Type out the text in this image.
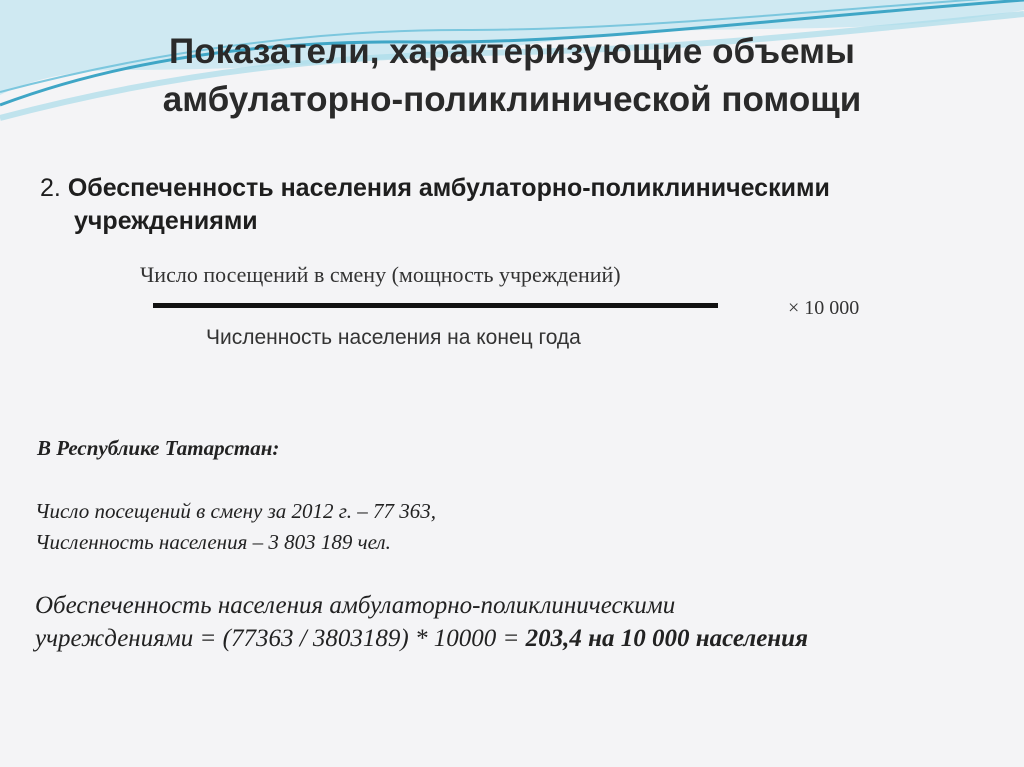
Показатели, характеризующие объемы
амбулаторно-поликлинической помощи
2. Обеспеченность населения амбулаторно-поликлиническими
учреждениями
Число посещений в смену (мощность учреждений)
Численность населения на конец года
× 10 000
В Республике Татарстан:
Число посещений в смену за 2012 г. – 77 363,
Численность населения – 3 803 189 чел.
Обеспеченность населения амбулаторно-поликлиническими
учреждениями = (77363 / 3803189) * 10000 = 203,4 на 10 000 населения
